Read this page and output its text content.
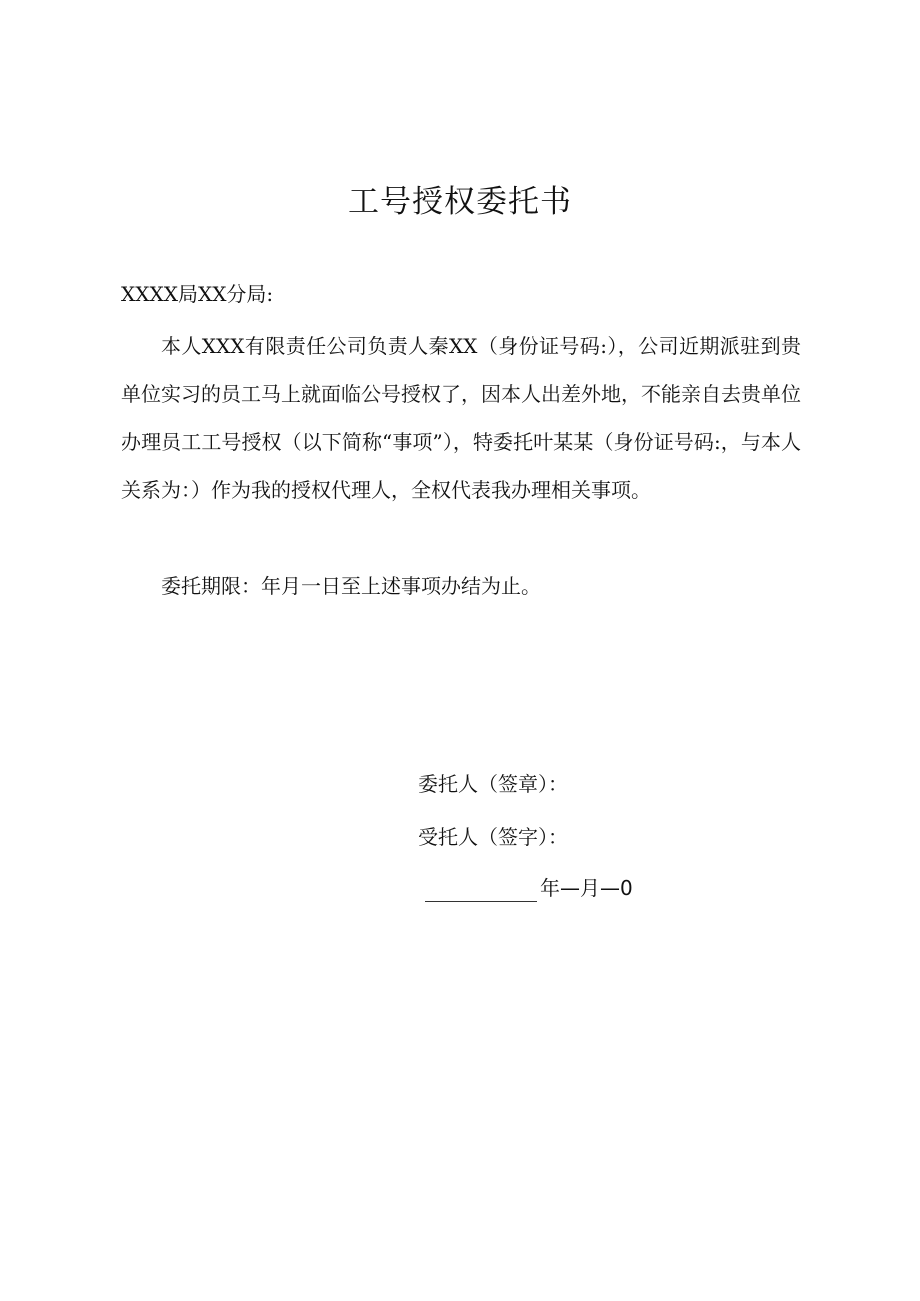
工号授权委托书
XXXX局XX分局:

本人XXX有限责任公司负责人秦XX（身份证号码:），公司近期派驻到贵单位实习的员工马上就面临公号授权了，因本人出差外地，不能亲自去贵单位办理员工工号授权（以下简称“事项”），特委托叶某某（身份证号码:，与本人关系为：）作为我的授权代理人，全权代表我办理相关事项。

委托期限：年月一日至上述事项办结为止。

委托人（签章）：
受托人（签字）：
年—月—0
